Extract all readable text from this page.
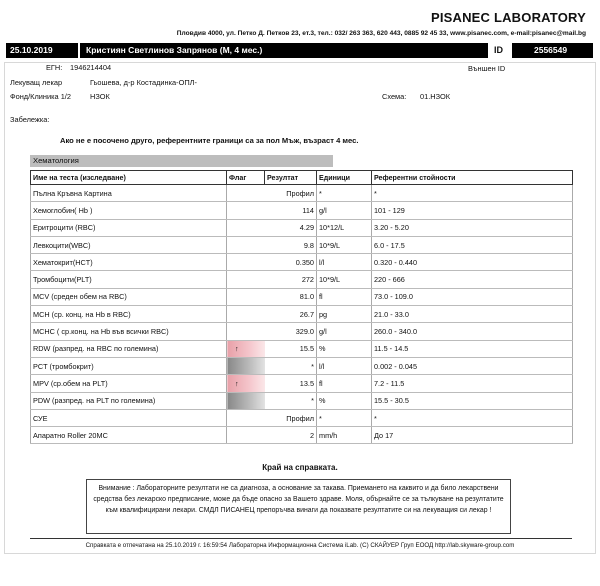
PISANEC LABORATORY
Пловдив 4000, ул. Петко Д. Петков 23, ет.3, тел.: 032/ 263 363, 620 443, 0885 92 45 33, www.pisanec.com, e-mail:pisanec@mail.bg
25.10.2019	Кристиян Светлинов Запрянов (М, 4 мес.)	ID	2556549
ЕГН: 1946214404	Външен ID
Лекуващ лекар	Гьошева, д-р Костадинка-ОПЛ-
Фонд/Клиника 1/2	НЗОК	Схема: 01.НЗОК
Забележка:
Ако не е посочено друго, референтните граници са за пол Мъж, възраст 4 мес.
Хематология
Име на теста (изследване)	Флаг	Резултат	Единици	Референтни стойности
Пълна Кръвна Картина		Профил	*	*
Хемоглобин( Hb )		114	g/l	101 - 129
Еритроцити (RBC)		4.29	10*12/L	3.20 - 5.20
Левкоцити(WBC)		9.8	10*9/L	6.0 - 17.5
Хематокрит(HCT)		0.350	l/l	0.320 - 0.440
Тромбоцити(PLT)		272	10*9/L	220 - 666
MCV (среден обем на RBC)		81.0	fl	73.0 - 109.0
MCH (ср. конц. на Hb в RBC)		26.7	pg	21.0 - 33.0
MCHC ( ср.конц. на Hb във всички RBC)		329.0	g/l	260.0 - 340.0
RDW (разпред. на RBC по големина)	↑	15.5	%	11.5 - 14.5
PCT (тромбокрит)		*	l/l	0.002 - 0.045
MPV (ср.обем на PLT)	↑	13.5	fl	7.2 - 11.5
PDW (разпред. на PLT по големина)		*	%	15.5 - 30.5
СУЕ		Профил	*	*
Апаратно Roller 20MC		2	mm/h	До 17
Край на справката.
Внимание : Лабораторните резултати не са диагноза, а основание за такава. Приемането на каквито и да било лекарствени средства без лекарско предписание, може да бъде опасно за Вашето здраве. Моля, обърнайте се за тълкуване на резултатите към квалифицирани лекари. СМДЛ ПИСАНЕЦ препоръчва винаги да показвате резултатите си на лекуващия си лекар !
Справката е отпечатана на 25.10.2019 г. 16:59:54 Лабораторна Информационна Система iLab. (C) СКАЙУЕР Груп ЕООД http://lab.skyware-group.com
